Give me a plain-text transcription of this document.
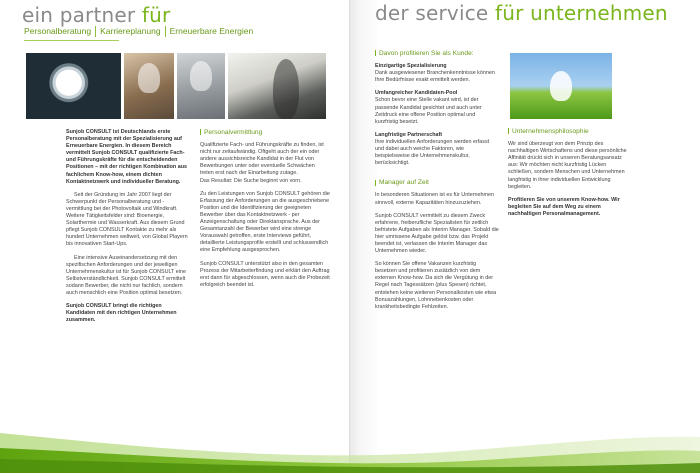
ein partner für
Personalberatung	Karriereplanung	Erneuerbare Energien
der service für unternehmen

Sunjob CONSULT ist Deutschlands erste Personalberatung mit der Spezialisierung auf Erneuerbare Energien. In diesem Bereich vermittelt Sunjob CONSULT qualifizierte Fach- und Führungskräfte für die entscheidenden Positionen – mit der richtigen Kombination aus fachlichem Know-how, einem dichten Kontaktnetzwerk und individueller Beratung.

Seit der Gründung im Jahr 2007 liegt der Schwerpunkt der Personalberatung und -vermittlung bei der Photovoltaik und Windkraft. Weitere Tätigkeitsfelder sind: Bioenergie, Solarthermie und Wasserkraft. Aus diesem Grund pflegt Sunjob CONSULT Kontakte zu mehr als hundert Unternehmen weltweit, von Global Playern bis innovativen Start-Ups.

Eine intensive Auseinandersetzung mit den spezifischen Anforderungen und der jeweiligen Unternehmenskultur ist für Sunjob CONSULT eine Selbstverständlichkeit. Sunjob CONSULT ermittelt sodann Bewerber, die nicht nur fachlich, sondern auch menschlich eine Position optimal besetzen.

Sunjob CONSULT bringt die richtigen Kandidaten mit den richtigen Unternehmen zusammen.

Personalvermittlung

Qualifizierte Fach- und Führungskräfte zu finden, ist nicht nur zeitaufwändig. Oftgeht auch der ein oder andere aussichtsreiche Kandidat in der Flut von Bewerbungen unter oder eventuelle Schwächen treten erst nach der Einarbeitung zutage.
Das Resultat: Die Suche beginnt von vorn.

Zu den Leistungen von Sunjob CONSULT gehören die Erfassung der Anforderungen an die ausgeschriebene Position und die Identifizierung der geeigneten Bewerber über das Kontaktnetzwerk - per Anzeigenschaltung oder Direktansprache. Aus der Gesamtanzahl der Bewerber wird eine strenge Vorauswahl getroffen, erste Interviews geführt, detaillierte Leistungsprofile erstellt und schlussendlich eine Empfehlung ausgesprochen.

Sunjob CONSULT unterstützt also in den gesamten Prozess der Mitarbeiterfindung und erklärt den Auftrag erst dann für abgeschlossen, wenn auch die Probezeit erfolgreich beendet ist.

Davon profitieren Sie als Kunde:

Einzigartige Spezialisierung
Dank ausgewiesener Branchenkenntnisse können Ihre Bedürfnisse exakt ermittelt werden.

Umfangreicher Kandidaten-Pool
Schon bevor eine Stelle vakant wird, ist der passende Kandidat gesichtet und auch unter Zeitdruck eine offene Position optimal und kurzfristig besetzt.

Langfristige Partnerschaft
Ihre individuellen Anforderungen werden erfasst und dabei auch weiche Faktoren, wie beispielsweise die Unternehmenskultur, berücksichtigt.

Manager auf Zeit

In besonderen Situationen ist es für Unternehmen sinnvoll, externe Kapazitäten hinzuzuziehen.

Sunjob CONSULT vermittelt zu diesem Zweck erfahrene, freiberufliche Spezialisten für zeitlich befristete Aufgaben als Interim Manager. Sobald die hier umrissene Aufgabe gelöst bzw. das Projekt beendet ist, verlassen die Interim Manager das Unternehmen wieder.

So können Sie offene Vakanzen kurzfristig besetzen und profitieren zusätzlich von dem externen Know-how. Da sich die Vergütung in der Regel nach Tagessätzen (plus Spesen) richtet, entstehen keine weiteren Personalkosten wie etwa Bonuszahlungen, Lohnnebenkosten oder krankheitsbedingte Fehlzeiten.

Unternehmensphilosophie

Wir sind überzeugt von dem Prinzip des nachhaltigen Wirtschaftens und diese persönliche Affinität drückt sich in unseren Beratungsansatz aus: Wir möchten nicht kurzfristig Lücken schließen, sondern Menschen und Unternehmen langfristig in ihrer individuellen Entwicklung begleiten.

Profitieren Sie von unserem Know-how. Wir begleiten Sie auf dem Weg zu einem nachhaltigen Personalmanagement.
